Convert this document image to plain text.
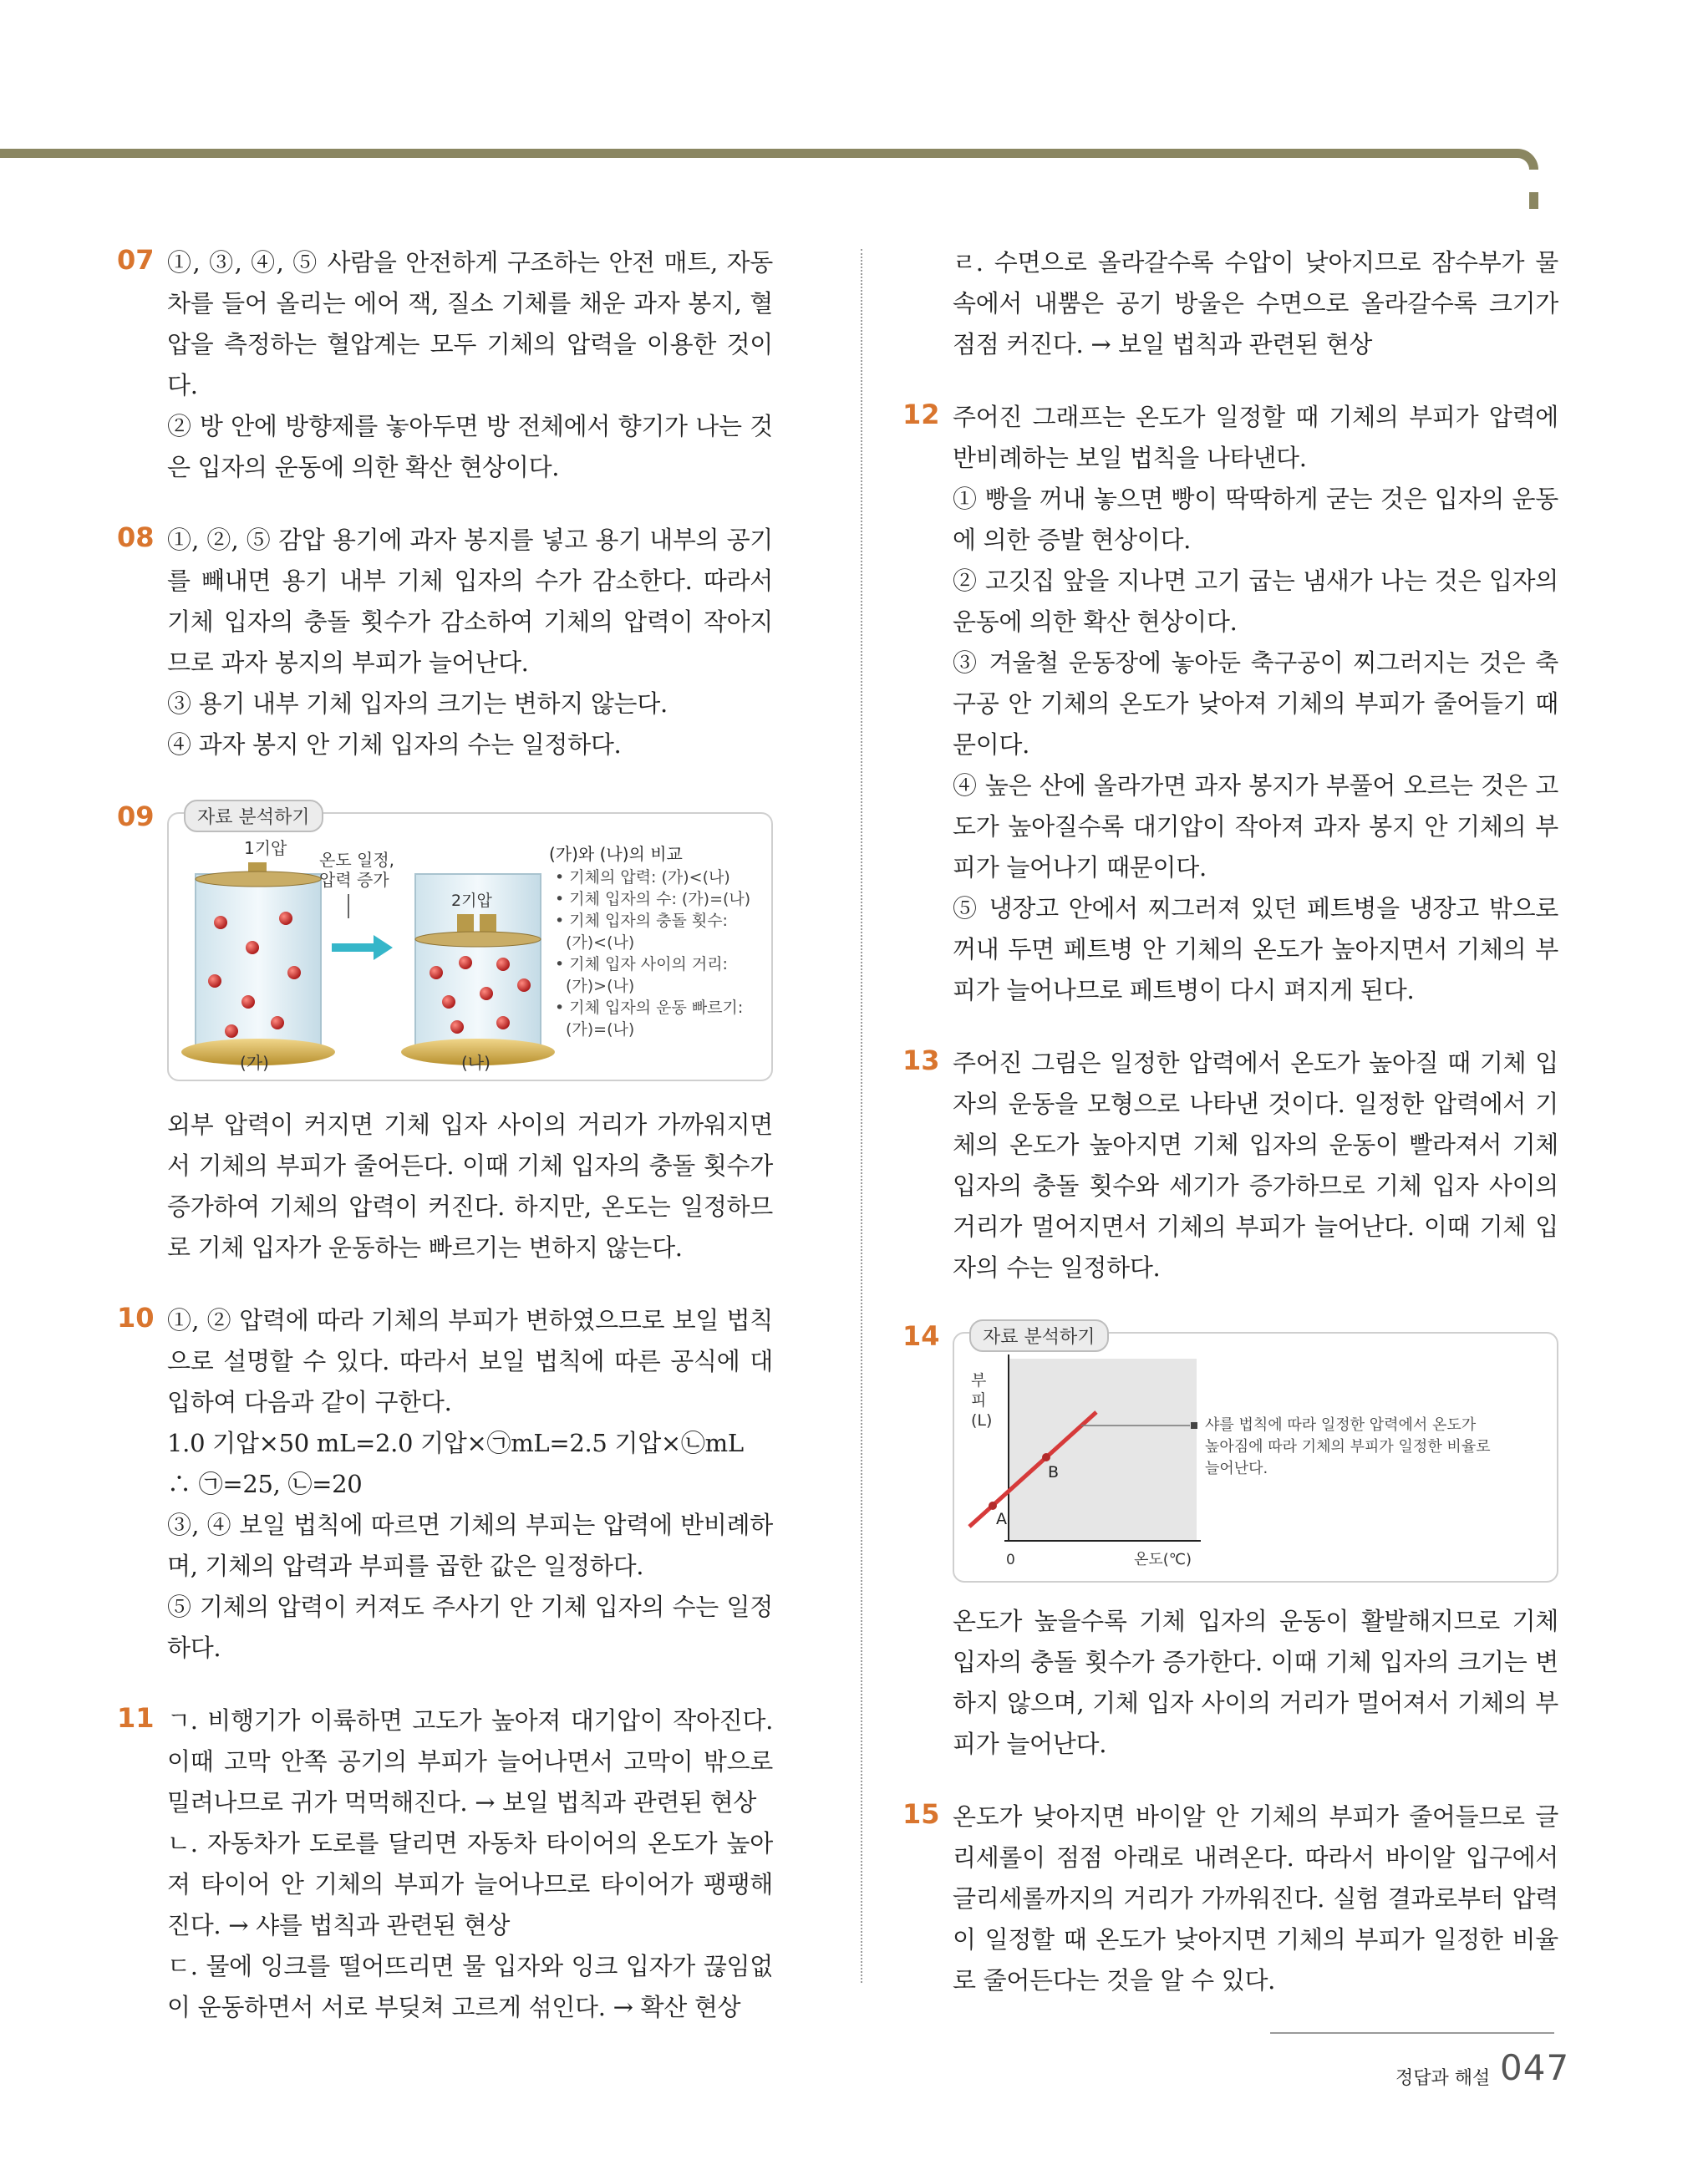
07 ①, ③, ④, ⑤ 사람을 안전하게 구조하는 안전 매트, 자동차를 들어 올리는 에어 잭, 질소 기체를 채운 과자 봉지, 혈압을 측정하는 혈압계는 모두 기체의 압력을 이용한 것이다.

② 방 안에 방향제를 놓아두면 방 전체에서 향기가 나는 것은 입자의 운동에 의한 확산 현상이다.

08 ①, ②, ⑤ 감압 용기에 과자 봉지를 넣고 용기 내부의 공기를 빼내면 용기 내부 기체 입자의 수가 감소한다. 따라서 기체 입자의 충돌 횟수가 감소하여 기체의 압력이 작아지므로 과자 봉지의 부피가 늘어난다.

③ 용기 내부 기체 입자의 크기는 변하지 않는다.

④ 과자 봉지 안 기체 입자의 수는 일정하다.

09	자료 분석하기
1기압
(가)
온도 일정,
압력 증가
2기압
(나)
(가)와 (나)의 비교
• 기체의 압력: (가)<(나)
• 기체 입자의 수: (가)=(나)
• 기체 입자의 충돌 횟수:
(가)<(나)
• 기체 입자 사이의 거리:
(가)>(나)
• 기체 입자의 운동 빠르기:
(가)=(나)

외부 압력이 커지면 기체 입자 사이의 거리가 가까워지면서 기체의 부피가 줄어든다. 이때 기체 입자의 충돌 횟수가 증가하여 기체의 압력이 커진다. 하지만, 온도는 일정하므로 기체 입자가 운동하는 빠르기는 변하지 않는다.

10 ①, ② 압력에 따라 기체의 부피가 변하였으므로 보일 법칙으로 설명할 수 있다. 따라서 보일 법칙에 따른 공식에 대입하여 다음과 같이 구한다.

1.0 기압×50 mL=2.0 기압×㉠mL=2.5 기압×㉡mL

∴ ㉠=25, ㉡=20

③, ④ 보일 법칙에 따르면 기체의 부피는 압력에 반비례하며, 기체의 압력과 부피를 곱한 값은 일정하다.

⑤ 기체의 압력이 커져도 주사기 안 기체 입자의 수는 일정하다.

11 ㄱ. 비행기가 이륙하면 고도가 높아져 대기압이 작아진다. 이때 고막 안쪽 공기의 부피가 늘어나면서 고막이 밖으로 밀려나므로 귀가 먹먹해진다. → 보일 법칙과 관련된 현상

ㄴ. 자동차가 도로를 달리면 자동차 타이어의 온도가 높아져 타이어 안 기체의 부피가 늘어나므로 타이어가 팽팽해진다. → 샤를 법칙과 관련된 현상

ㄷ. 물에 잉크를 떨어뜨리면 물 입자와 잉크 입자가 끊임없이 운동하면서 서로 부딪쳐 고르게 섞인다. → 확산 현상

ㄹ. 수면으로 올라갈수록 수압이 낮아지므로 잠수부가 물속에서 내뿜은 공기 방울은 수면으로 올라갈수록 크기가 점점 커진다. → 보일 법칙과 관련된 현상

12 주어진 그래프는 온도가 일정할 때 기체의 부피가 압력에 반비례하는 보일 법칙을 나타낸다.

① 빵을 꺼내 놓으면 빵이 딱딱하게 굳는 것은 입자의 운동에 의한 증발 현상이다.

② 고깃집 앞을 지나면 고기 굽는 냄새가 나는 것은 입자의 운동에 의한 확산 현상이다.

③ 겨울철 운동장에 놓아둔 축구공이 찌그러지는 것은 축구공 안 기체의 온도가 낮아져 기체의 부피가 줄어들기 때문이다.

④ 높은 산에 올라가면 과자 봉지가 부풀어 오르는 것은 고도가 높아질수록 대기압이 작아져 과자 봉지 안 기체의 부피가 늘어나기 때문이다.

⑤ 냉장고 안에서 찌그러져 있던 페트병을 냉장고 밖으로 꺼내 두면 페트병 안 기체의 온도가 높아지면서 기체의 부피가 늘어나므로 페트병이 다시 펴지게 된다.

13 주어진 그림은 일정한 압력에서 온도가 높아질 때 기체 입자의 운동을 모형으로 나타낸 것이다. 일정한 압력에서 기체의 온도가 높아지면 기체 입자의 운동이 빨라져서 기체 입자의 충돌 횟수와 세기가 증가하므로 기체 입자 사이의 거리가 멀어지면서 기체의 부피가 늘어난다. 이때 기체 입자의 수는 일정하다.

14	자료 분석하기
부 피 (L)
0	온도(℃)
A
B
샤를 법칙에 따라 일정한 압력에서 온도가
높아짐에 따라 기체의 부피가 일정한 비율로
늘어난다.

온도가 높을수록 기체 입자의 운동이 활발해지므로 기체 입자의 충돌 횟수가 증가한다. 이때 기체 입자의 크기는 변하지 않으며, 기체 입자 사이의 거리가 멀어져서 기체의 부피가 늘어난다.

15 온도가 낮아지면 바이알 안 기체의 부피가 줄어들므로 글리세롤이 점점 아래로 내려온다. 따라서 바이알 입구에서 글리세롤까지의 거리가 가까워진다. 실험 결과로부터 압력이 일정할 때 온도가 낮아지면 기체의 부피가 일정한 비율로 줄어든다는 것을 알 수 있다.

정답과 해설 047
